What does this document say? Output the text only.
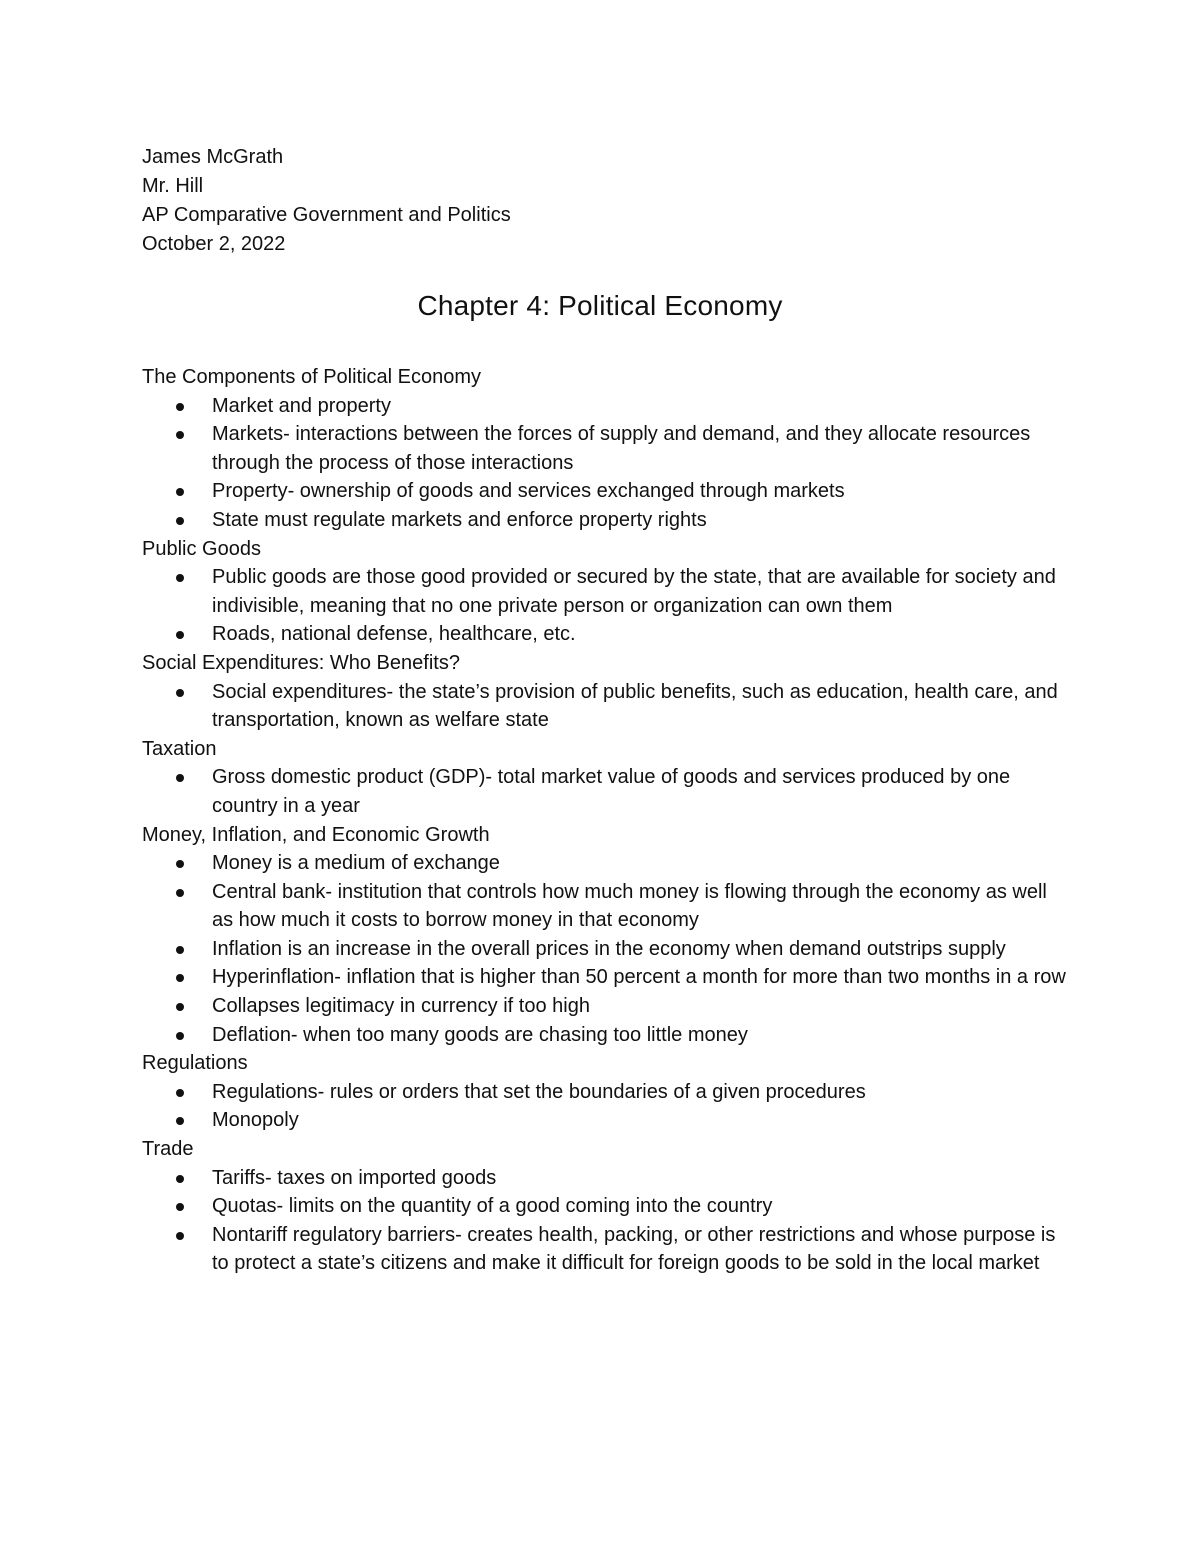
James McGrath
Mr. Hill
AP Comparative Government and Politics
October 2, 2022
Chapter 4: Political Economy
The Components of Political Economy
Market and property
Markets- interactions between the forces of supply and demand, and they allocate resources through the process of those interactions
Property- ownership of goods and services exchanged through markets
State must regulate markets and enforce property rights
Public Goods
Public goods are those good provided or secured by the state, that are available for society and indivisible, meaning that no one private person or organization can own them
Roads, national defense, healthcare, etc.
Social Expenditures: Who Benefits?
Social expenditures- the state’s provision of public benefits, such as education, health care, and transportation, known as welfare state
Taxation
Gross domestic product (GDP)- total market value of goods and services produced by one country in a year
Money, Inflation, and Economic Growth
Money is a medium of exchange
Central bank- institution that controls how much money is flowing through the economy as well as how much it costs to borrow money in that economy
Inflation is an increase in the overall prices in the economy when demand outstrips supply
Hyperinflation- inflation that is higher than 50 percent a month for more than two months in a row
Collapses legitimacy in currency if too high
Deflation- when too many goods are chasing too little money
Regulations
Regulations- rules or orders that set the boundaries of a given procedures
Monopoly
Trade
Tariffs- taxes on imported goods
Quotas- limits on the quantity of a good coming into the country
Nontariff regulatory barriers- creates health, packing, or other restrictions and whose purpose is to protect a state’s citizens and make it difficult for foreign goods to be sold in the local market
